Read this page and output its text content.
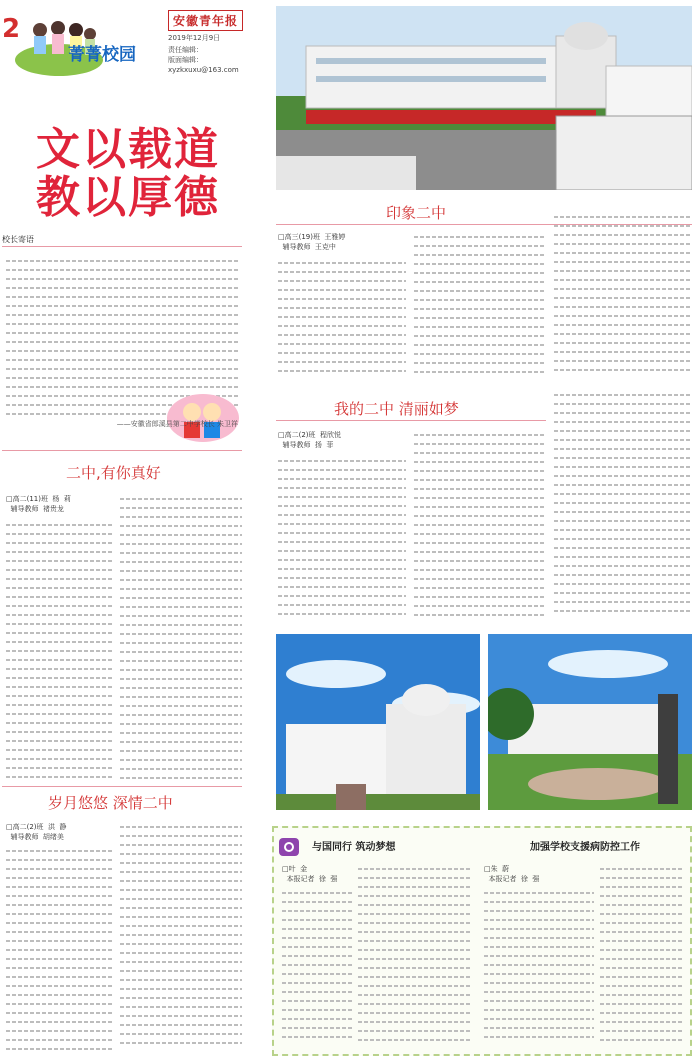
2
菁菁校园
安徽青年报
2019年12月9日
责任编辑：
版面编辑：
xyzkxuxu@163.com
文以载道
教以厚德
校长寄语
——安徽省郎溪县第二中学校长 朱卫祥
二中,有你真好
□高二(11)班  杨  莉
辅导教师  褚贵龙
岁月悠悠 深情二中
□高二(2)班  洪  静
辅导教师  胡绪美
印象二中
□高三(19)班  王雅婷
辅导教师  王克中
我的二中 清丽如梦
□高二(2)班  程欣悦
辅导教师  扬  菲
与国同行 筑动梦想
□叶  金
本报记者  徐  强
加强学校支援病防控工作
□朱  蔚
本报记者  徐  强
